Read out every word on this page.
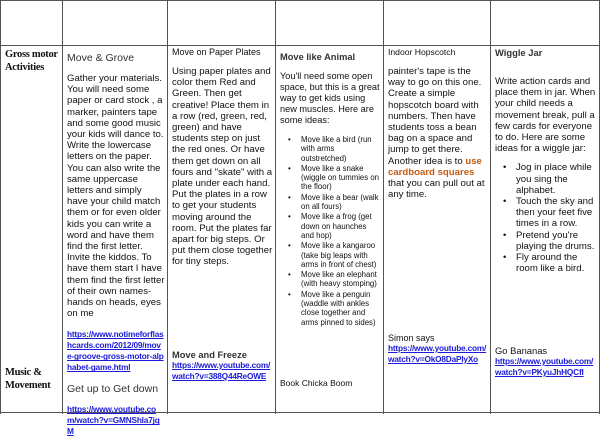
Gross motor Activities
Music & Movement

Move & Grove

Gather your materials. You will need some paper or card stock , a marker, painters tape and some good music your kids will dance to. Write the lowercase letters on the paper. You can also write the same uppercase letters and simply have your child match them or for even older kids you can write a word and have them find the first letter. Invite the kiddos. To have them start I have them find the first letter of their own names- hands on heads, eyes on me

https://www.notimeforflashcards.com/2012/09/move-groove-gross-motor-alphabet-game.html

Get up to Get down

https://www.youtube.com/watch?v=GMNShla7jqM

Move on Paper Plates

Using paper plates and color them Red and Green. Then get creative! Place them in a row (red, green, red, green) and have students step on just the red ones. Or have them get down on all fours and "skate" with a plate under each hand. Put the plates in a row to get your students moving around the room. Put the plates far apart for big steps. Or put them close together for tiny steps.

Move and Freeze

https://www.youtube.com/watch?v=388Q44ReOWE

Move like Animal

You'll need some open space, but this is a great way to get kids using new muscles. Here are some ideas:

• Move like a bird (run with arms outstretched)
• Move like a snake (wiggle on tummies on the floor)
• Move like a bear (walk on all fours)
• Move like a frog (get down on haunches and hop)
• Move like a kangaroo (take big leaps with arms in front of chest)
• Move like an elephant (with heavy stomping)
• Move like a penguin (waddle with ankles close together and arms pinned to sides)

Book Chicka Boom

Indoor Hopscotch

painter's tape is the way to go on this one. Create a simple hopscotch board with numbers. Then have students toss a bean bag on a space and jump to get there. Another idea is to use cardboard squares that you can pull out at any time.

Simon says

https://www.youtube.com/watch?v=OkO8DaPlyXo

Wiggle Jar

Write action cards and place them in jar. When your child needs a movement break, pull a few cards for everyone to do. Here are some ideas for a wiggle jar:

• Jog in place while you sing the alphabet.
• Touch the sky and then your feet five times in a row.
• Pretend you're playing the drums.
• Fly around the room like a bird.

Go Bananas

https://www.youtube.com/watch?v=PKyuJhHQCfI
